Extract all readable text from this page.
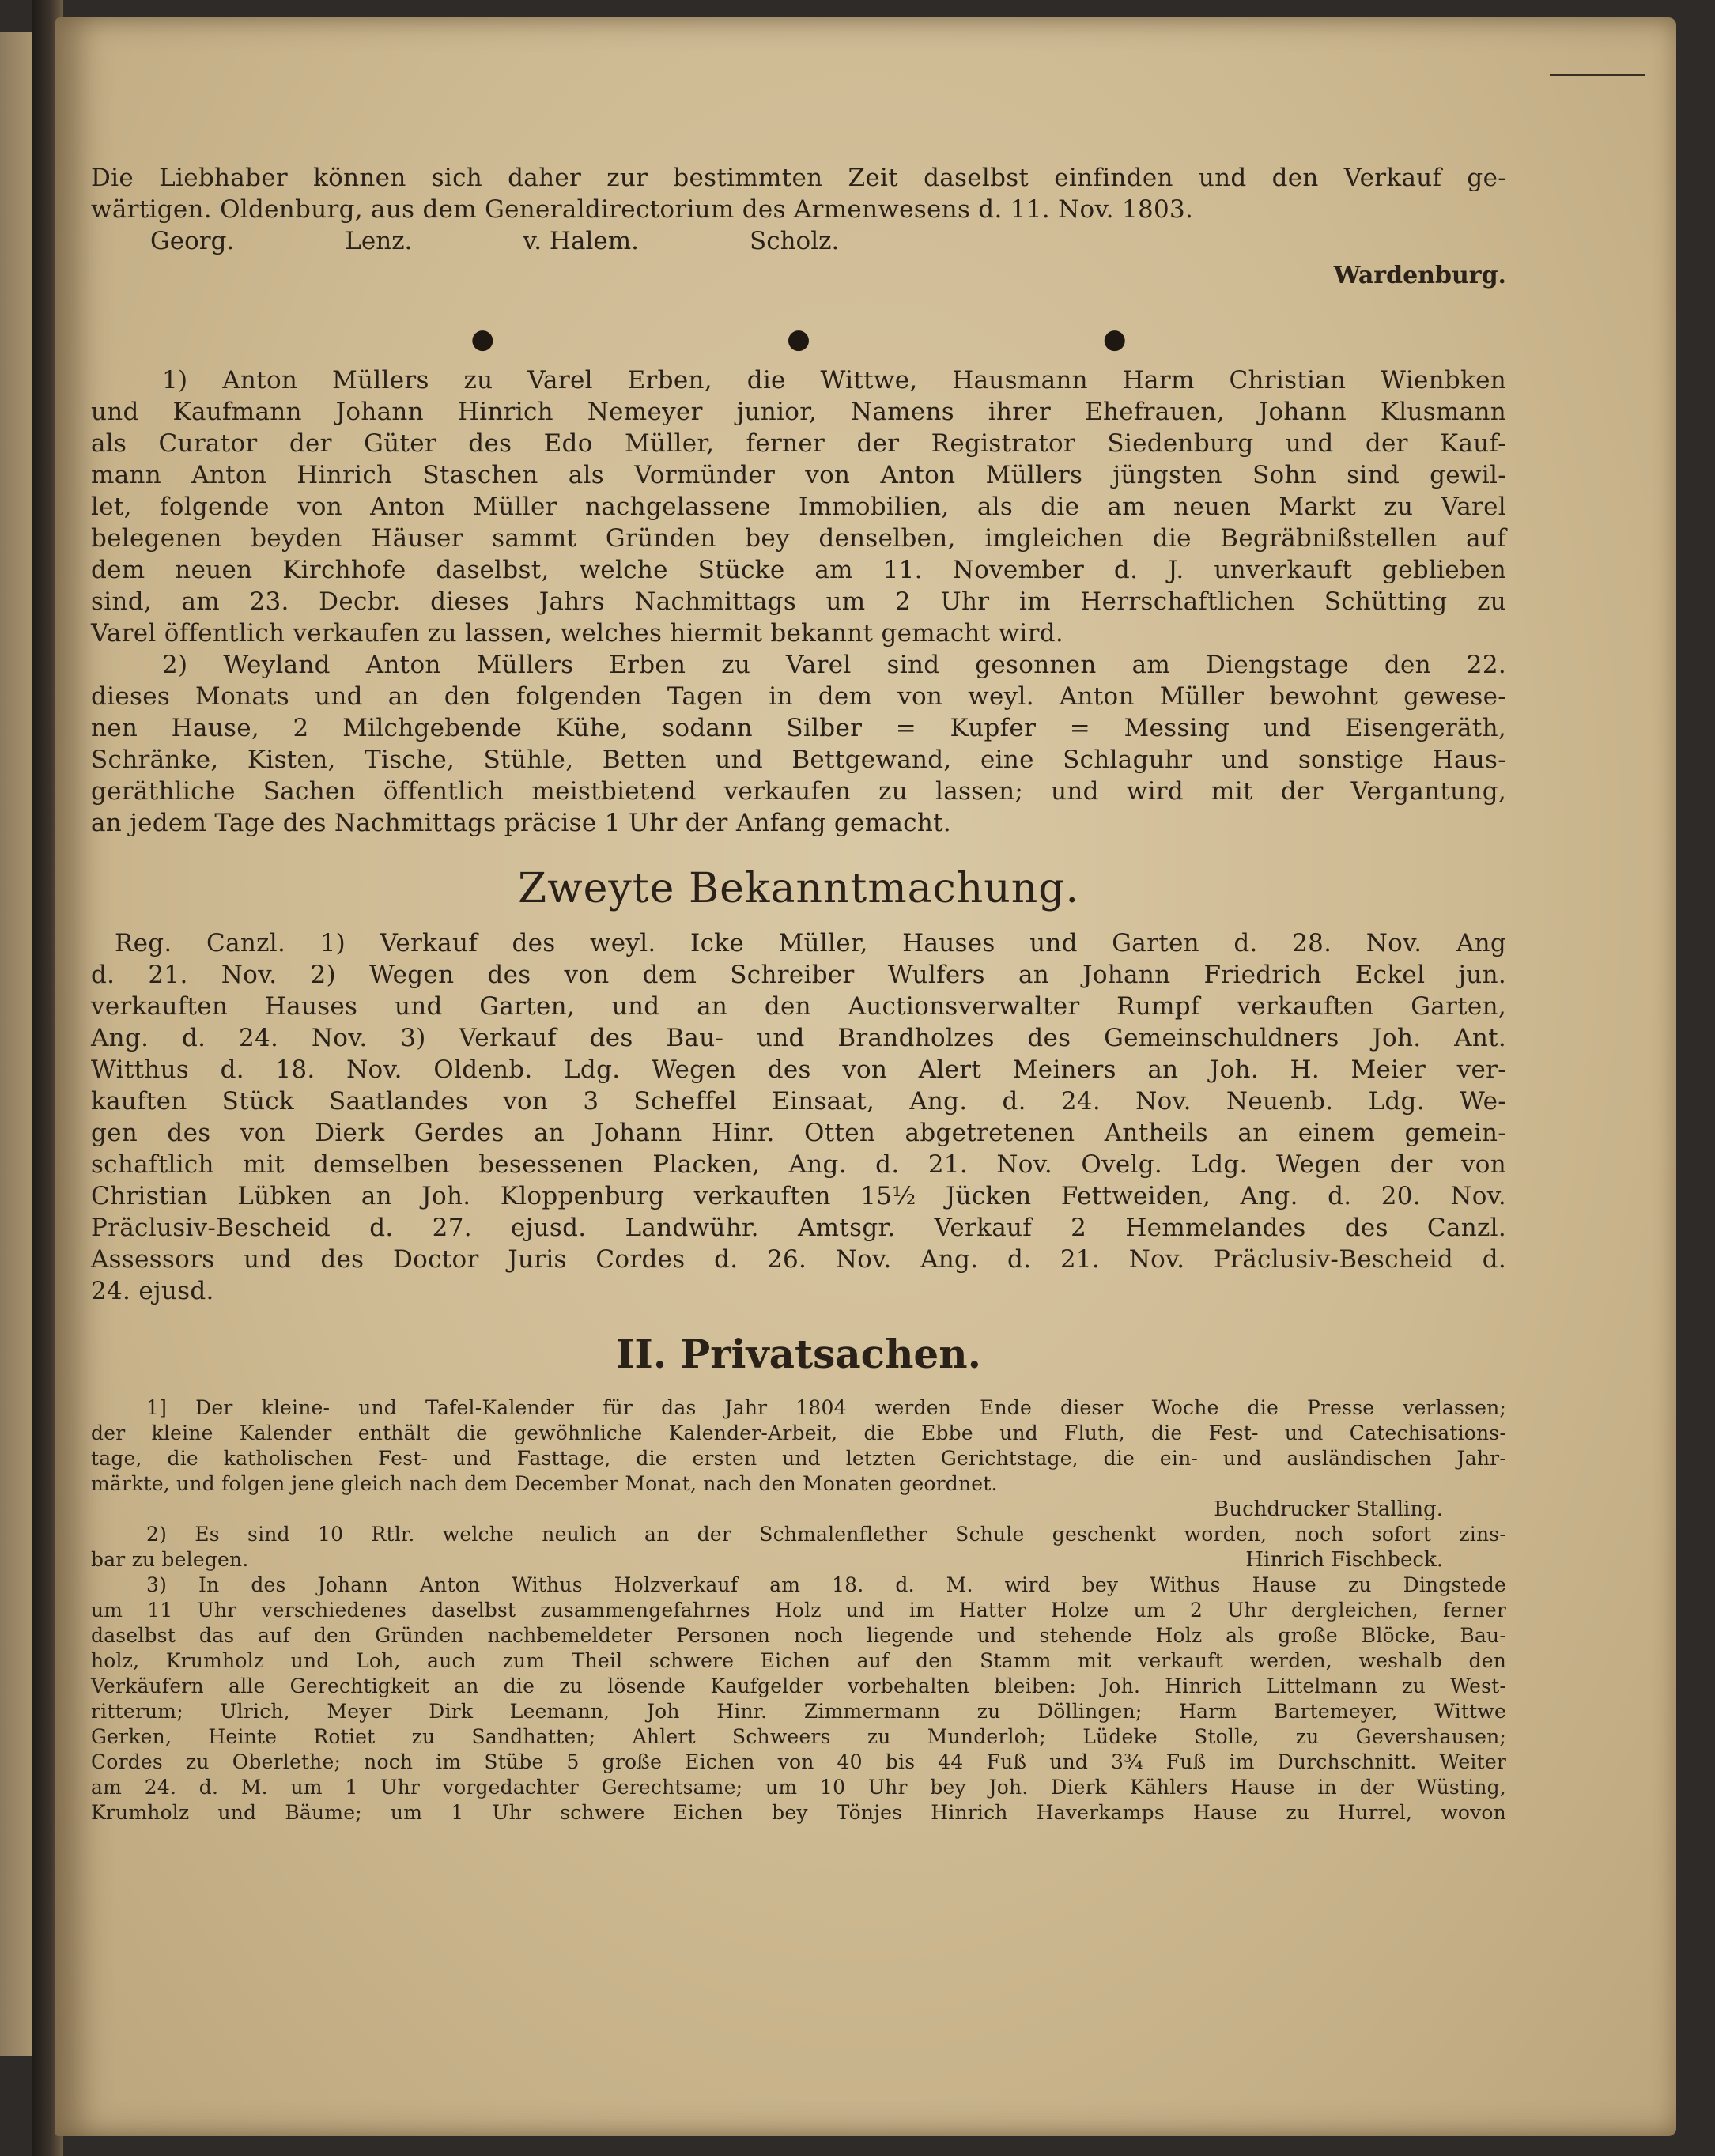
Die Liebhaber können sich daher zur bestimmten Zeit daselbst einfinden und den Verkauf ge-

wärtigen. Oldenburg, aus dem Generaldirectorium des Armenwesens d. 11. Nov. 1803.

Georg.	Lenz.	v. Halem.	Scholz.
Wardenburg.
●	●	●

1) Anton Müllers zu Varel Erben, die Wittwe, Hausmann Harm Christian Wienbken

und Kaufmann Johann Hinrich Nemeyer junior, Namens ihrer Ehefrauen, Johann Klusmann

als Curator der Güter des Edo Müller, ferner der Registrator Siedenburg und der Kauf-

mann Anton Hinrich Staschen als Vormünder von Anton Müllers jüngsten Sohn sind gewil-

let, folgende von Anton Müller nachgelassene Immobilien, als die am neuen Markt zu Varel

belegenen beyden Häuser sammt Gründen bey denselben, imgleichen die Begräbnißstellen auf

dem neuen Kirchhofe daselbst, welche Stücke am 11. November d. J. unverkauft geblieben

sind, am 23. Decbr. dieses Jahrs Nachmittags um 2 Uhr im Herrschaftlichen Schütting zu

Varel öffentlich verkaufen zu lassen, welches hiermit bekannt gemacht wird.

2) Weyland Anton Müllers Erben zu Varel sind gesonnen am Diengstage den 22.

dieses Monats und an den folgenden Tagen in dem von weyl. Anton Müller bewohnt gewese-

nen Hause, 2 Milchgebende Kühe, sodann Silber = Kupfer = Messing und Eisengeräth,

Schränke, Kisten, Tische, Stühle, Betten und Bettgewand, eine Schlaguhr und sonstige Haus-

geräthliche Sachen öffentlich meistbietend verkaufen zu lassen; und wird mit der Vergantung,

an jedem Tage des Nachmittags präcise 1 Uhr der Anfang gemacht.

Zweyte Bekanntmachung.

Reg. Canzl. 1) Verkauf des weyl. Icke Müller, Hauses und Garten d. 28. Nov. Ang

d. 21. Nov. 2) Wegen des von dem Schreiber Wulfers an Johann Friedrich Eckel jun.

verkauften Hauses und Garten, und an den Auctionsverwalter Rumpf verkauften Garten,

Ang. d. 24. Nov. 3) Verkauf des Bau- und Brandholzes des Gemeinschuldners Joh. Ant.

Witthus d. 18. Nov. Oldenb. Ldg. Wegen des von Alert Meiners an Joh. H. Meier ver-

kauften Stück Saatlandes von 3 Scheffel Einsaat, Ang. d. 24. Nov. Neuenb. Ldg. We-

gen des von Dierk Gerdes an Johann Hinr. Otten abgetretenen Antheils an einem gemein-

schaftlich mit demselben besessenen Placken, Ang. d. 21. Nov. Ovelg. Ldg. Wegen der von

Christian Lübken an Joh. Kloppenburg verkauften 15½ Jücken Fettweiden, Ang. d. 20. Nov.

Präclusiv-Bescheid d. 27. ejusd. Landwühr. Amtsgr. Verkauf 2 Hemmelandes des Canzl.

Assessors und des Doctor Juris Cordes d. 26. Nov. Ang. d. 21. Nov. Präclusiv-Bescheid d.

24. ejusd.

II. Privatsachen.

1] Der kleine- und Tafel-Kalender für das Jahr 1804 werden Ende dieser Woche die Presse verlassen;

der kleine Kalender enthält die gewöhnliche Kalender-Arbeit, die Ebbe und Fluth, die Fest- und Catechisations-

tage, die katholischen Fest- und Fasttage, die ersten und letzten Gerichtstage, die ein- und ausländischen Jahr-

märkte, und folgen jene gleich nach dem December Monat, nach den Monaten geordnet.

Buchdrucker Stalling.

2) Es sind 10 Rtlr. welche neulich an der Schmalenflether Schule geschenkt worden, noch sofort zins-

bar zu belegen.	Hinrich Fischbeck.

3) In des Johann Anton Withus Holzverkauf am 18. d. M. wird bey Withus Hause zu Dingstede

um 11 Uhr verschiedenes daselbst zusammengefahrnes Holz und im Hatter Holze um 2 Uhr dergleichen, ferner

daselbst das auf den Gründen nachbemeldeter Personen noch liegende und stehende Holz als große Blöcke, Bau-

holz, Krumholz und Loh, auch zum Theil schwere Eichen auf den Stamm mit verkauft werden, weshalb den

Verkäufern alle Gerechtigkeit an die zu lösende Kaufgelder vorbehalten bleiben: Joh. Hinrich Littelmann zu West-

ritterum; Ulrich, Meyer Dirk Leemann, Joh Hinr. Zimmermann zu Döllingen; Harm Bartemeyer, Wittwe

Gerken, Heinte Rotiet zu Sandhatten; Ahlert Schweers zu Munderloh; Lüdeke Stolle, zu Gevershausen;

Cordes zu Oberlethe; noch im Stübe 5 große Eichen von 40 bis 44 Fuß und 3¾ Fuß im Durchschnitt. Weiter

am 24. d. M. um 1 Uhr vorgedachter Gerechtsame; um 10 Uhr bey Joh. Dierk Kählers Hause in der Wüsting,

Krumholz und Bäume; um 1 Uhr schwere Eichen bey Tönjes Hinrich Haverkamps Hause zu Hurrel, wovon
